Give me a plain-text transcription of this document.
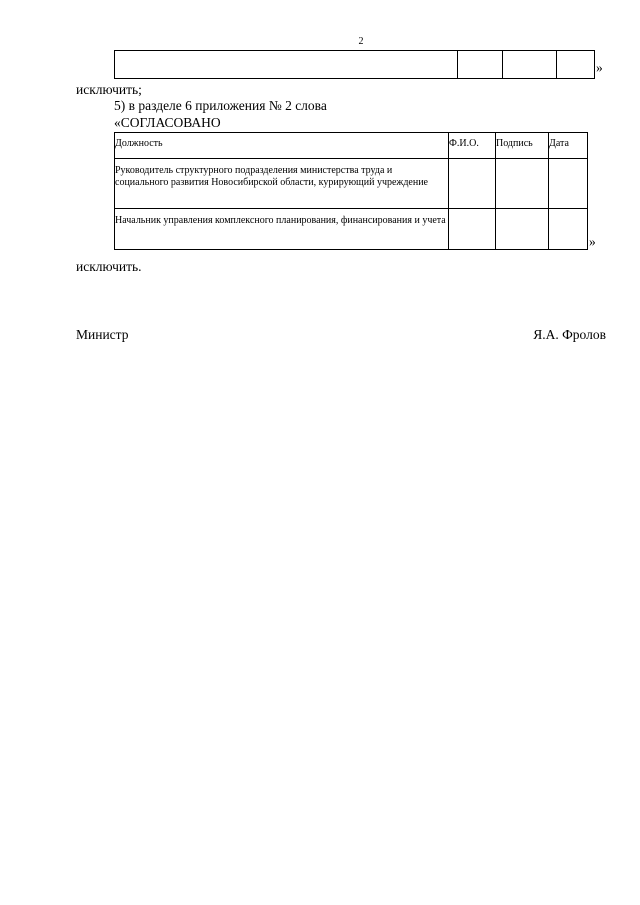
2

»
исключить;
5) в разделе 6 приложения № 2 слова
«СОГЛАСОВАНО
Должность	Ф.И.О.	Подпись	Дата
Руководитель структурного подразделения министерства труда и социального развития Новосибирской области, курирующий учреждение			
Начальник управления комплексного планирования, финансирования и учета			
»
исключить.
Министр	Я.А. Фролов
